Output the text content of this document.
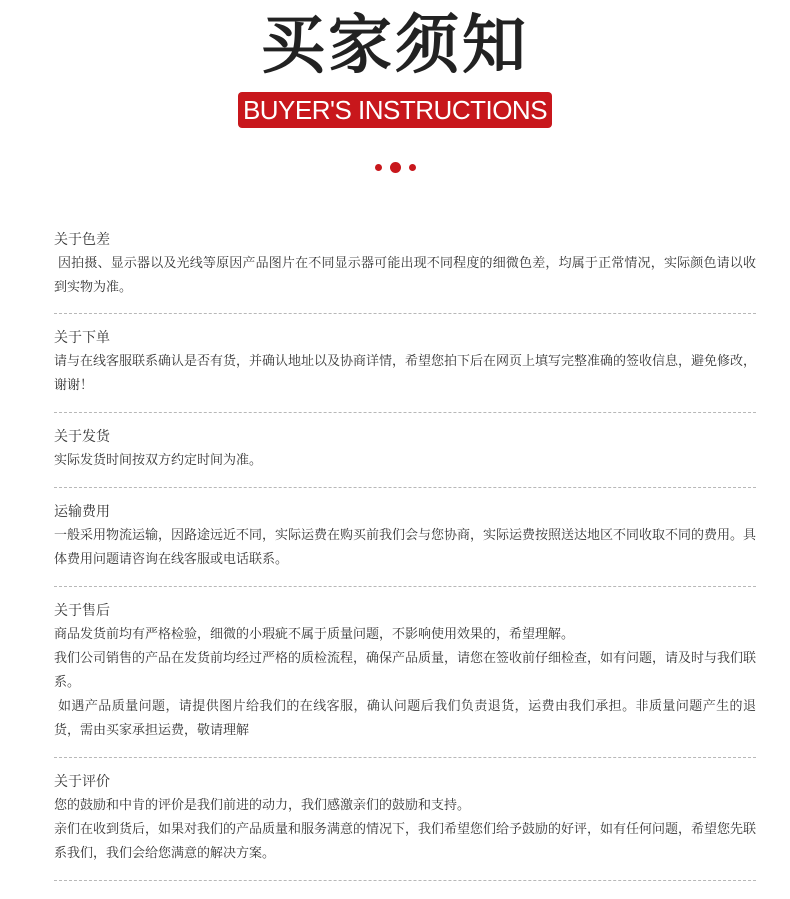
买家须知
BUYER'S INSTRUCTIONS

关于色差

因拍摄、显示器以及光线等原因产品图片在不同显示器可能出现不同程度的细微色差，均属于正常情况，实际颜色请以收到实物为准。

关于下单

请与在线客服联系确认是否有货，并确认地址以及协商详情，希望您拍下后在网页上填写完整准确的签收信息，避免修改，谢谢！

关于发货

实际发货时间按双方约定时间为准。

运输费用

一般采用物流运输，因路途远近不同，实际运费在购买前我们会与您协商，实际运费按照送达地区不同收取不同的费用。具体费用问题请咨询在线客服或电话联系。

关于售后

商品发货前均有严格检验，细微的小瑕疵不属于质量问题，不影响使用效果的，希望理解。

我们公司销售的产品在发货前均经过严格的质检流程，确保产品质量，请您在签收前仔细检查，如有问题，请及时与我们联系。

如遇产品质量问题，请提供图片给我们的在线客服，确认问题后我们负责退货，运费由我们承担。非质量问题产生的退货，需由买家承担运费，敬请理解

关于评价

您的鼓励和中肯的评价是我们前进的动力，我们感激亲们的鼓励和支持。

亲们在收到货后，如果对我们的产品质量和服务满意的情况下，我们希望您们给予鼓励的好评，如有任何问题，希望您先联系我们，我们会给您满意的解决方案。
